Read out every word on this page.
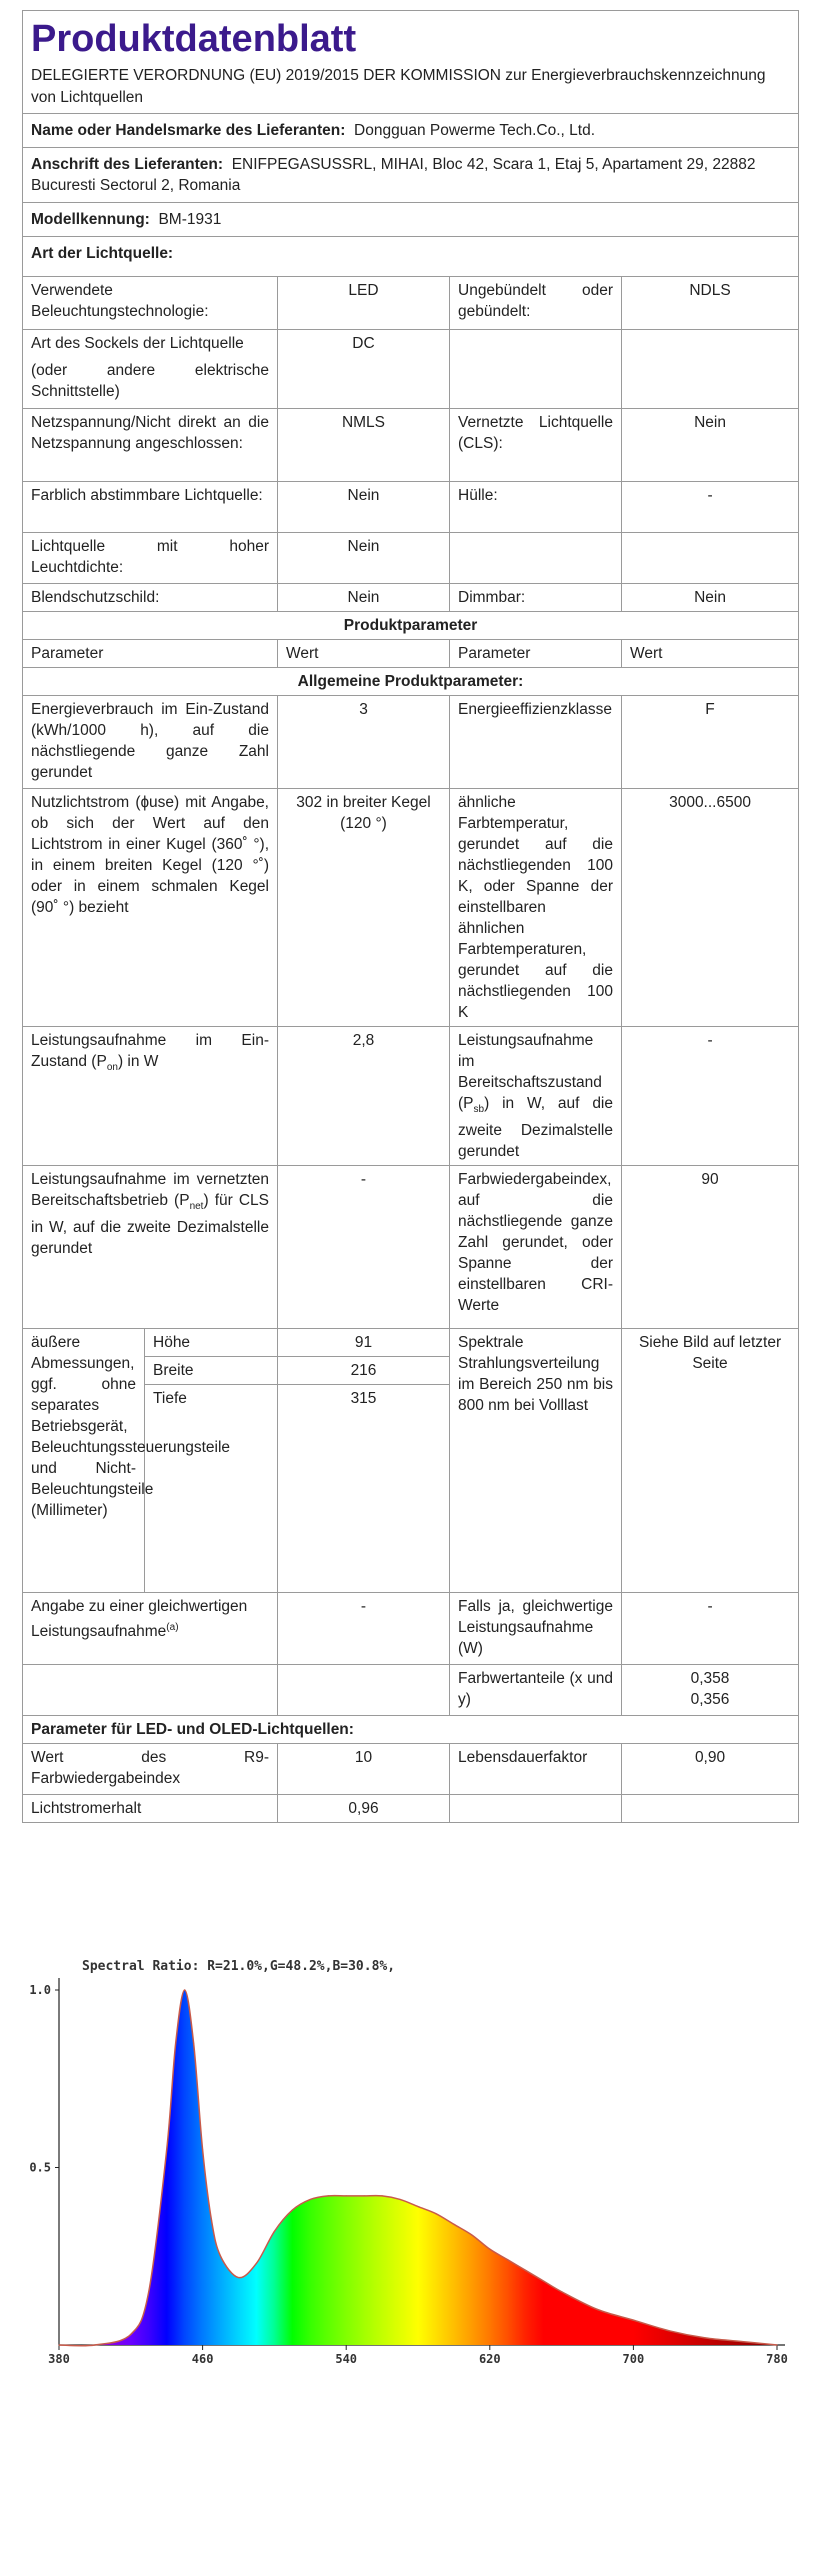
Produktdatenblatt
DELEGIERTE VERORDNUNG (EU) 2019/2015 DER KOMMISSION zur Energieverbrauchskennzeichnung von Lichtquellen				

Name oder Handelsmarke des Lieferanten: Dongguan Powerme Tech.Co., Ltd.				
Anschrift des Lieferanten: ENIFPEGASUSSRL, MIHAI, Bloc 42, Scara 1, Etaj 5, Apartament 29, 22882 Bucuresti Sectorul 2, Romania				
Modellkennung: BM-1931				
Art der Lichtquelle:				
Verwendete Beleuchtungstechnologie:		LED	Ungebündelt oder gebündelt:	NDLS

Art des Sockels der Lichtquelle
(oder andere elektrische Schnittstelle)		DC		
Netzspannung/Nicht direkt an die Netzspannung angeschlossen:		NMLS	Vernetzte Lichtquelle (CLS):	Nein
Farblich abstimmbare Lichtquelle:		Nein	Hülle:	-
Lichtquelle mit hoher Leuchtdichte:		Nein		
Blendschutzschild:		Nein	Dimmbar:	Nein
Produktparameter				
Parameter		Wert	Parameter	Wert
Allgemeine Produktparameter:				
Energieverbrauch im Ein-Zustand (kWh/1000 h), auf die nächstliegende ganze Zahl gerundet		3	Energieeffizienzklasse	F
Nutzlichtstrom (ɸuse) mit Angabe, ob sich der Wert auf den Lichtstrom in einer Kugel (360˚ °), in einem breiten Kegel (120 °˚) oder in einem schmalen Kegel (90˚ °) bezieht		302 in breiter Kegel (120 °)	ähnliche Farbtemperatur, gerundet auf die nächstliegenden 100 K, oder Spanne der einstellbaren ähnlichen Farbtemperaturen, gerundet auf die nächstliegenden 100 K	3000...6500
Leistungsaufnahme im Ein-Zustand $(P_{on})$ in W		2,8	Leistungsaufnahme im Bereitschaftszustand $(P_{sb})$ in W, auf die zweite Dezimalstelle gerundet	-
Leistungsaufnahme im vernetzten Bereitschaftsbetrieb $(P_{net})$ für CLS in W, auf die zweite Dezimalstelle gerundet		-	Farbwiedergabeindex, auf die nächstliegende ganze Zahl gerundet, oder Spanne der einstellbaren CRI-Werte	90
äußere Abmessungen, ggf. ohne separates Betriebsgerät, Beleuchtungssteuerungsteile und Nicht-Beleuchtungsteile (Millimeter)	Höhe	91	Spektrale Strahlungsverteilung im Bereich 250 nm bis 800 nm bei Volllast	Siehe Bild auf letzter Seite
	Breite	216		
	Tiefe	315		
Angabe zu einer gleichwertigen Leistungsaufnahme$^{(a)}$		-	Falls ja, gleichwertige Leistungsaufnahme (W)	-
			Farbwertanteile (x und y)	0,358
0,356

Parameter für LED- und OLED-Lichtquellen:				
Wert des R9-Farbwiedergabeindex		10	Lebensdauerfaktor	0,90
Lichtstromerhalt		0,96		
380	460	540	620	700	780
0.5
1.0
Spectral Ratio: R=21.0%,G=48.2%,B=30.8%,
